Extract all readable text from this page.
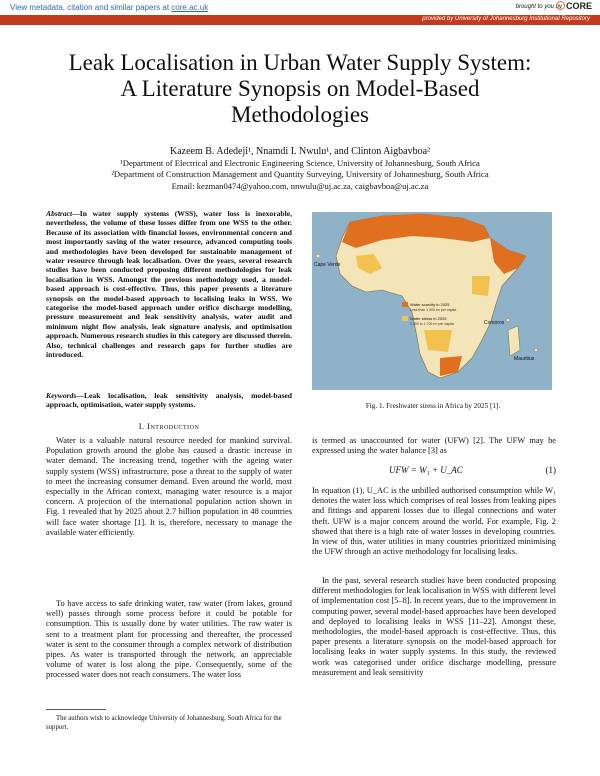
View metadata, citation and similar papers at core.ac.uk	brought to you by CORE
provided by University of Johannesburg Institutional Repository
Leak Localisation in Urban Water Supply System:
A Literature Synopsis on Model-Based
Methodologies
Kazeem B. Adedeji¹, Nnamdi I. Nwulu¹, and Clinton Aigbavboa²
¹Department of Electrical and Electronic Engineering Science, University of Johannesburg, South Africa
²Department of Construction Management and Quantity Surveying, University of Johannesburg, South Africa
Email: kezman0474@yahoo.com, nnwulu@uj.ac.za, caigbavboa@uj.ac.za
Abstract—In water supply systems (WSS), water loss is inexorable, nevertheless, the volume of these losses differ from one WSS to the other. Because of its association with financial losses, environmental concern and most importantly saving of the water resource, advanced computing tools and methodologies have been developed for sustainable management of water resource through leak localisation. Over the years, several research studies have been conducted proposing different methodologies for leak localisation in WSS. Amongst the previous methodology used, a model-based approach is cost-effective. Thus, this paper presents a literature synopsis on the model-based approach to localising leaks in WSS. We categorise the model-based approach under orifice discharge modelling, pressure measurement and leak sensitivity analysis, water audit and minimum night flow analysis, leak signature analysis, and optimisation approach. Numerous research studies in this category are discussed therein. Also, technical challenges and research gaps for further studies are introduced.
Keywords—Leak localisation, leak sensitivity analysis, model-based approach, optimisation, water supply systems.
I. Introduction
Water is a valuable natural resource needed for mankind survival. Population growth around the globe has caused a drastic increase in water demand. The increasing trend, together with the ageing water supply system (WSS) infrastructure, pose a threat to the supply of water to meet the increasing consumer demand. Even around the world, most especially in the African context, managing water resource is a major concern. A projection of the international population action shown in Fig. 1 revealed that by 2025 about 2.7 billion population in 48 countries will face water shortage [1]. It is, therefore, necessary to manage the available water efficiently.
To have access to safe drinking water, raw water (from lakes, ground well) passes through some process before it could be potable for consumption. This is usually done by water utilities. The raw water is sent to a treatment plant for processing and thereafter, the processed water is sent to the consumer through a complex network of distribution pipes. As water is transported through the network, an appreciable volume of water is lost along the pipe. Consequently, some of the processed water does not reach consumers. The water loss
The authors wish to acknowledge University of Johannesburg, South Africa for the support.
Cape Verde
Comoros
Mauritius
Water scarcity in 2025
Less than 1 000 m³ per capita
Water stress in 2025
1 000 to 1 700 m³ per capita
Fig. 1. Freshwater stress in Africa by 2025 [1].
is termed as unaccounted for water (UFW) [2]. The UFW may be expressed using the water balance [3] as
UFW = W₁ + U_AC	(1)
In equation (1), U_AC is the unbilled authorised consumption while W₁ denotes the water loss which comprises of real losses from leaking pipes and fittings and apparent losses due to illegal connections and water theft. UFW is a major concern around the world. For example, Fig. 2 showed that there is a high rate of water losses in developing countries. In view of this, water utilities in many countries prioritized minimising the UFW through an active methodology for localising leaks.
In the past, several research studies have been conducted proposing different methodologies for leak localisation in WSS with different level of implementation cost [5–8]. In recent years, due to the improvement in computing power, several model-based approaches have been developed and deployed to localising leaks in WSS [11–22]. Amongst these, methodologies, the model-based approach is cost-effective. Thus, this paper presents a literature synopsis on the model-based approach for localising leaks in water supply systems. In this study, the reviewed work was categorised under orifice discharge modelling, pressure measurement and leak sensitivity
